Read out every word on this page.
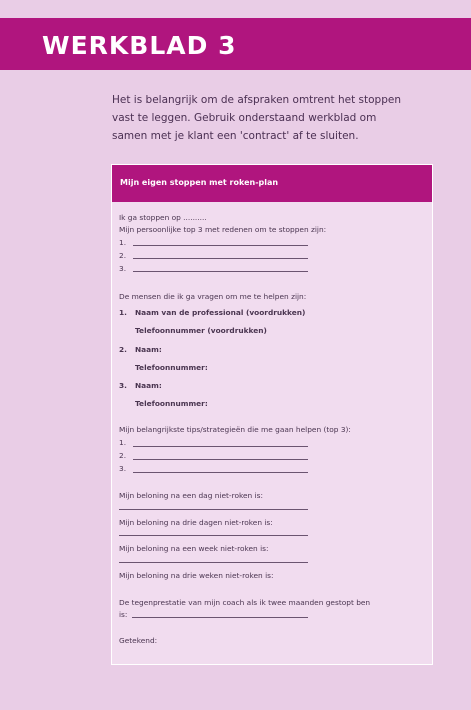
WERKBLAD 3

Het is belangrijk om de afspraken omtrent het stoppen vast te leggen. Gebruik onderstaand werkblad om samen met je klant een 'contract' af te sluiten.

Mijn eigen stoppen met roken-plan
Ik ga stoppen op ..........
Mijn persoonlijke top 3 met redenen om te stoppen zijn:
1.
2.
3.
De mensen die ik ga vragen om me te helpen zijn:
1. Naam van de professional (voordrukken)
Telefoonnummer (voordrukken)
2. Naam:
Telefoonnummer:
3. Naam:
Telefoonnummer:
Mijn belangrijkste tips/strategieën die me gaan helpen (top 3):
1.
2.
3.
Mijn beloning na een dag niet-roken is:
Mijn beloning na drie dagen niet-roken is:
Mijn beloning na een week niet-roken is:
Mijn beloning na drie weken niet-roken is:
De tegenprestatie van mijn coach als ik twee maanden gestopt ben
is:
Getekend:
